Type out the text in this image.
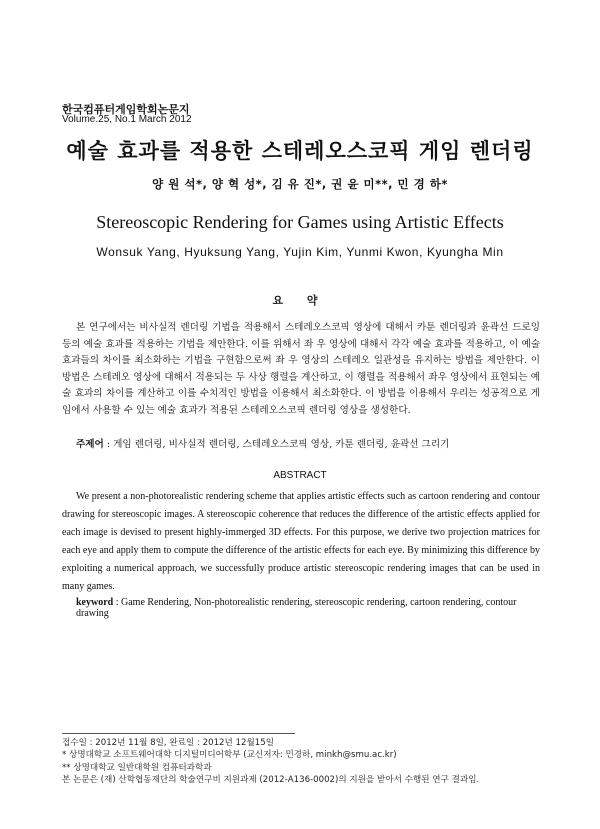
한국컴퓨터게임학회논문지
Volume.25, No.1 March 2012
예술 효과를 적용한 스테레오스코픽 게임 렌더링
양 원 석*, 양 혁 성*, 김 유 진*, 권 윤 미**, 민 경 하*
Stereoscopic Rendering for Games using Artistic Effects
Wonsuk Yang, Hyuksung Yang, Yujin Kim, Yunmi Kwon, Kyungha Min
요 약

본 연구에서는 비사실적 렌더링 기법을 적용해서 스테레오스코픽 영상에 대해서 카툰 렌더링과 윤곽선 드로잉 등의 예술 효과를 적용하는 기법을 제안한다. 이를 위해서 좌 우 영상에 대해서 각각 예술 효과를 적용하고, 이 예술 효과들의 차이를 최소화하는 기법을 구현함으로써 좌 우 영상의 스테레오 일관성을 유지하는 방법을 제안한다. 이 방법은 스테레오 영상에 대해서 적용되는 두 사상 행렬을 계산하고, 이 행렬을 적용해서 좌우 영상에서 표현되는 예술 효과의 차이를 계산하고 이를 수치적인 방법을 이용해서 최소화한다. 이 방법을 이용해서 우리는 성공적으로 게임에서 사용할 수 있는 예술 효과가 적용된 스테레오스코픽 렌더링 영상을 생성한다.

주제어 : 게임 렌더링, 비사실적 렌더링, 스테레오스코픽 영상, 카툰 렌더링, 윤곽선 그리기
ABSTRACT

We present a non-photorealistic rendering scheme that applies artistic effects such as cartoon rendering and contour drawing for stereoscopic images. A stereoscopic coherence that reduces the difference of the artistic effects applied for each image is devised to present highly-immerged 3D effects. For this purpose, we derive two projection matrices for each eye and apply them to compute the difference of the artistic effects for each eye. By minimizing this difference by exploiting a numerical approach, we successfully produce artistic stereoscopic rendering images that can be used in many games.

keyword : Game Rendering, Non-photorealistic rendering, stereoscopic rendering, cartoon rendering, contour drawing
접수일 : 2012년 11월 8일, 완료일 : 2012년 12월15일
* 상명대학교 소프트웨어대학 디지털미디어학부 (교신저자: 민경하, minkh@smu.ac.kr)
** 상명대학교 일반대학원 컴퓨터과학과
본 논문은 (재) 산학협동재단의 학술연구비 지원과제 (2012-A136-0002)의 지원을 받아서 수행된 연구 결과임.
